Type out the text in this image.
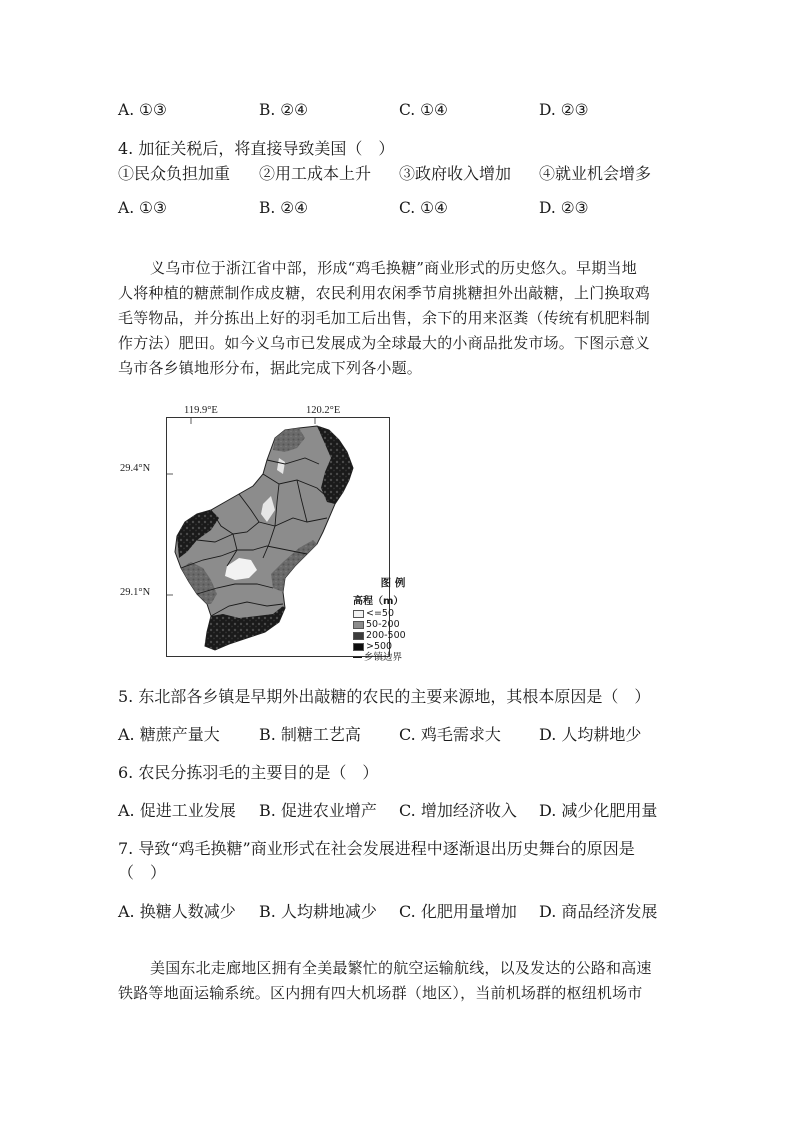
A. ①③	B. ②④	C. ①④	D. ②③
4. 加征关税后，将直接导致美国（　）
①民众负担加重 ②用工成本上升 ③政府收入增加 ④就业机会增多
A. ①③	B. ②④	C. ①④	D. ②③
义乌市位于浙江省中部，形成“鸡毛换糖”商业形式的历史悠久。早期当地
人将种植的糖蔗制作成皮糖，农民利用农闲季节肩挑糖担外出敲糖，上门换取鸡
毛等物品，并分拣出上好的羽毛加工后出售，余下的用来沤粪（传统有机肥料制
作方法）肥田。如今义乌市已发展成为全球最大的小商品批发市场。下图示意义
乌市各乡镇地形分布，据此完成下列各小题。
119.9°E	120.2°E
29.4°N
29.1°N
图 例
高程（m）
<=50
50-200
200-500
>500
乡镇边界
5. 东北部各乡镇是早期外出敲糖的农民的主要来源地，其根本原因是（　）
A. 糖蔗产量大 B. 制糖工艺高 C. 鸡毛需求大 D. 人均耕地少
6. 农民分拣羽毛的主要目的是（　）
A. 促进工业发展 B. 促进农业增产 C. 增加经济收入 D. 减少化肥用量
7. 导致“鸡毛换糖”商业形式在社会发展进程中逐渐退出历史舞台的原因是
（　）
A. 换糖人数减少 B. 人均耕地减少 C. 化肥用量增加 D. 商品经济发展
美国东北走廊地区拥有全美最繁忙的航空运输航线，以及发达的公路和高速
铁路等地面运输系统。区内拥有四大机场群（地区），当前机场群的枢纽机场市
